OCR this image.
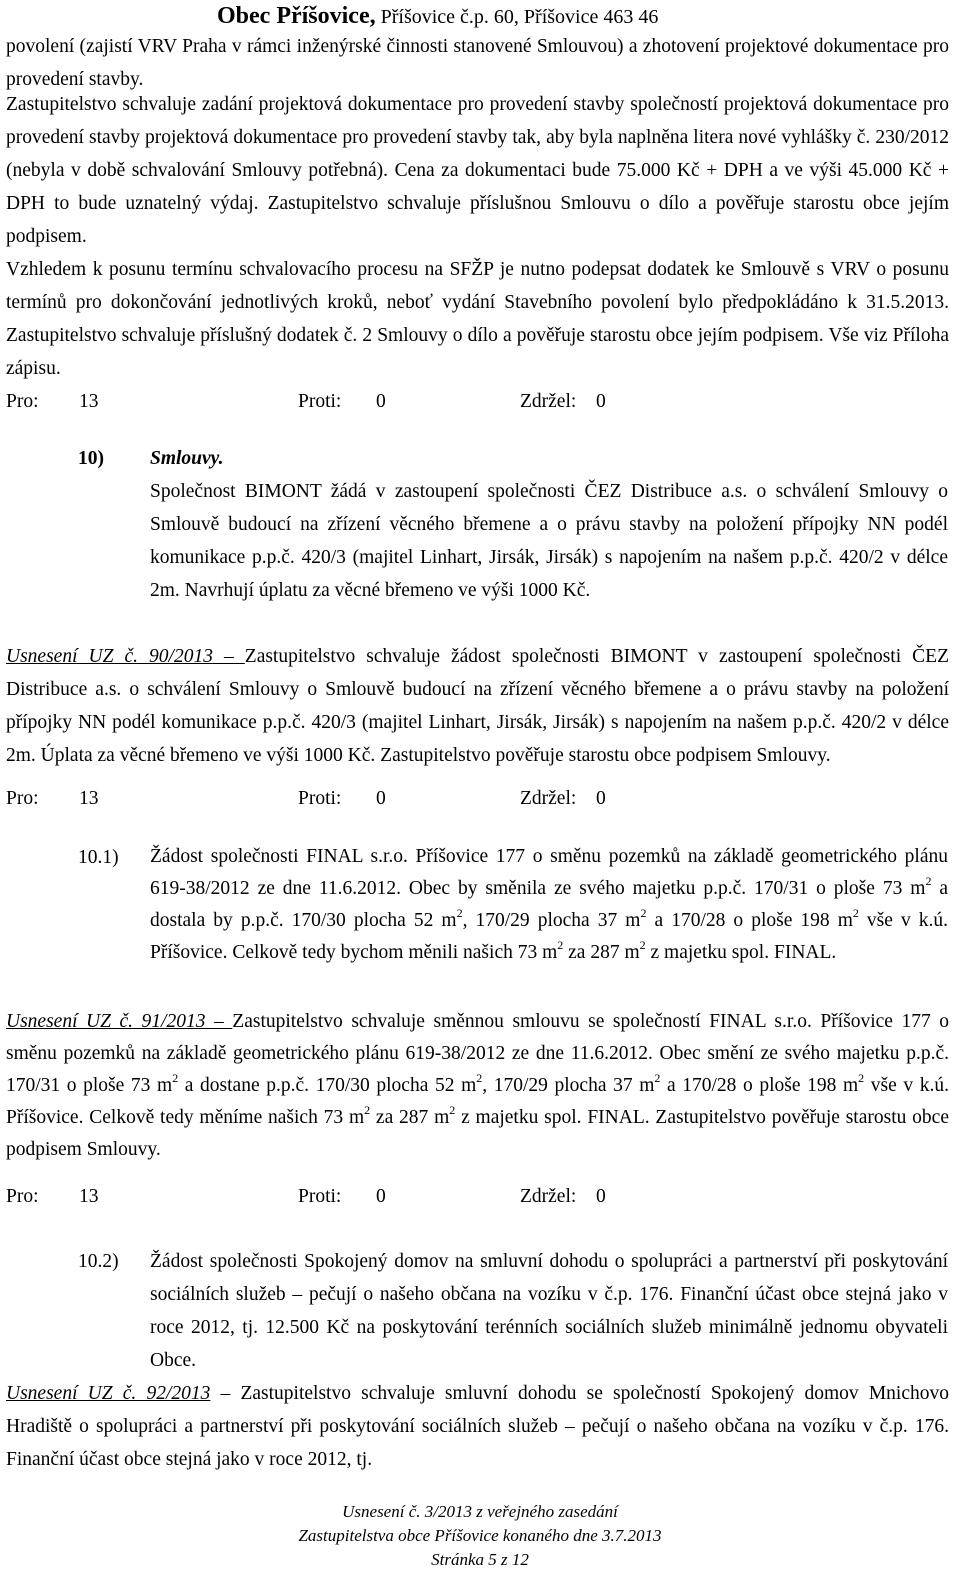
Obec Příšovice, Příšovice č.p. 60, Příšovice 463 46
povolení (zajistí VRV Praha v rámci inženýrské činnosti stanovené Smlouvou) a zhotovení projektové dokumentace pro provedení stavby.
Zastupitelstvo schvaluje zadání projektová dokumentace pro provedení stavby společností projektová dokumentace pro provedení stavby projektová dokumentace pro provedení stavby tak, aby byla naplněna litera nové vyhlášky č. 230/2012 (nebyla v době schvalování Smlouvy potřebná). Cena za dokumentaci bude 75.000 Kč + DPH a ve výši 45.000 Kč + DPH to bude uznatelný výdaj. Zastupitelstvo schvaluje příslušnou Smlouvu o dílo a pověřuje starostu obce jejím podpisem.
Vzhledem k posunu termínu schvalovacího procesu na SFŽP je nutno podepsat dodatek ke Smlouvě s VRV o posunu termínů pro dokončování jednotlivých kroků, neboť vydání Stavebního povolení bylo předpokládáno k 31.5.2013. Zastupitelstvo schvaluje příslušný dodatek č. 2 Smlouvy o dílo a pověřuje starostu obce jejím podpisem. Vše viz Příloha zápisu.
Pro: 13	Proti: 0	Zdržel: 0
10) Smlouvy.
Společnost BIMONT žádá v zastoupení společnosti ČEZ Distribuce a.s. o schválení Smlouvy o Smlouvě budoucí na zřízení věcného břemene a o právu stavby na položení přípojky NN podél komunikace p.p.č. 420/3 (majitel Linhart, Jirsák, Jirsák) s napojením na našem p.p.č. 420/2 v délce 2m. Navrhují úplatu za věcné břemeno ve výši 1000 Kč.
Usnesení UZ č. 90/2013 – Zastupitelstvo schvaluje žádost společnosti BIMONT v zastoupení společnosti ČEZ Distribuce a.s. o schválení Smlouvy o Smlouvě budoucí na zřízení věcného břemene a o právu stavby na položení přípojky NN podél komunikace p.p.č. 420/3 (majitel Linhart, Jirsák, Jirsák) s napojením na našem p.p.č. 420/2 v délce 2m. Úplata za věcné břemeno ve výši 1000 Kč. Zastupitelstvo pověřuje starostu obce podpisem Smlouvy.
Pro: 13	Proti: 0	Zdržel: 0
10.1) Žádost společnosti FINAL s.r.o. Příšovice 177 o směnu pozemků na základě geometrického plánu 619-38/2012 ze dne 11.6.2012. Obec by směnila ze svého majetku p.p.č. 170/31 o ploše 73 $m^2$ a dostala by p.p.č. 170/30 plocha 52 $m^2$, 170/29 plocha 37 $m^2$ a 170/28 o ploše 198 $m^2$ vše v k.ú. Příšovice. Celkově tedy bychom měnili našich 73 $m^2$ za 287 $m^2$ z majetku spol. FINAL.
Usnesení UZ č. 91/2013 – Zastupitelstvo schvaluje směnnou smlouvu se společností FINAL s.r.o. Příšovice 177 o směnu pozemků na základě geometrického plánu 619-38/2012 ze dne 11.6.2012. Obec smění ze svého majetku p.p.č. 170/31 o ploše 73 $m^2$ a dostane p.p.č. 170/30 plocha 52 $m^2$, 170/29 plocha 37 $m^2$ a 170/28 o ploše 198 $m^2$ vše v k.ú. Příšovice. Celkově tedy měníme našich 73 $m^2$ za 287 $m^2$ z majetku spol. FINAL. Zastupitelstvo pověřuje starostu obce podpisem Smlouvy.
Pro: 13	Proti: 0	Zdržel: 0
10.2) Žádost společnosti Spokojený domov na smluvní dohodu o spolupráci a partnerství při poskytování sociálních služeb – pečují o našeho občana na vozíku v č.p. 176. Finanční účast obce stejná jako v roce 2012, tj. 12.500 Kč na poskytování terénních sociálních služeb minimálně jednomu obyvateli Obce.
Usnesení UZ č. 92/2013 – Zastupitelstvo schvaluje smluvní dohodu se společností Spokojený domov Mnichovo Hradiště o spolupráci a partnerství při poskytování sociálních služeb – pečují o našeho občana na vozíku v č.p. 176. Finanční účast obce stejná jako v roce 2012, tj.
Usnesení č. 3/2013 z veřejného zasedání
Zastupitelstva obce Příšovice konaného dne 3.7.2013
Stránka 5 z 12
